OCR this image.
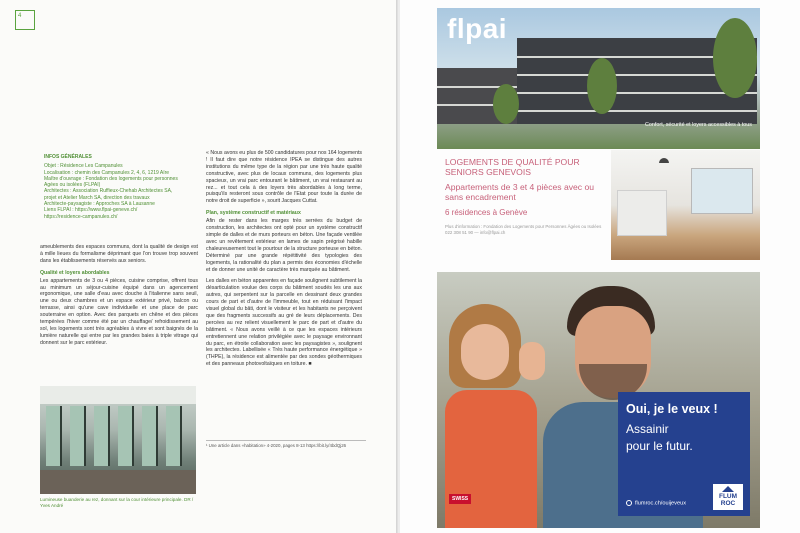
4
INFOS GÉNÉRALES
Objet : Résidence Les Campanules
Localisation : chemin des Campanules 2, 4, 6, 1219 Aïre
Maître d'ouvrage : Fondation des logements pour personnes
Âgées ou isolées (FLPAI)
Architectes : Association Ruffieux-Chehab Architectes SA,
projet et Atelier March SA, direction des travaux
Architecte-paysagiste : Approches SA à Lausanne
Liens FLPAI : https://www.flpai-geneve.ch/
https://residence-campanules.ch/
ameublements des espaces communs, dont la qualité de design est à mille lieues du formalisme déprimant que l'on trouve trop souvent dans les établissements réservés aux seniors.
Qualité et loyers abordables
Les appartements de 3 ou 4 pièces, cuisine comprise, offrent tous au minimum un séjour-cuisine équipé dans un agencement ergonomique, une salle d'eau avec douche à l'italienne sans seuil, une ou deux chambres et un espace extérieur privé, balcon ou terrasse, ainsi qu'une cave individuelle et une place de parc souterraine en option. Avec des parquets en chêne et des pièces tempérées l'hiver comme été par un chauffage/ refroidissement au sol, les logements sont très agréables à vivre et sont baignés de la lumière naturelle qui entre par les grandes baies à triple vitrage qui donnent sur le parc extérieur.
Lumineuse buanderie au rez, donnant sur la cour intérieure principale. DR / Yves André
« Nous avons eu plus de 500 candidatures pour nos 164 logements ! Il faut dire que notre résidence IPEA se distingue des autres institutions du même type de la région par une très haute qualité constructive, avec plus de locaux communs, des logements plus spacieux, un vrai parc entourant le bâtiment, un vrai restaurant au rez... et tout cela à des loyers très abordables à long terme, puisqu'ils resteront sous contrôle de l'Etat pour toute la durée de notre droit de superficie », sourit Jacques Cuttat.
Plan, système constructif et matériaux
Afin de rester dans les marges très serrées du budget de construction, les architectes ont opté pour un système constructif simple de dalles et de murs porteurs en béton. Une façade ventilée avec un revêtement extérieur en lames de sapin prégrisé habille chaleureusement tout le pourtour de la structure porteuse en béton. Déterminé par une grande répétitivité des typologies des logements, la rationalité du plan a permis des économies d'échelle et de donner une unité de caractère très marquée au bâtiment.
Les dalles en béton apparentes en façade soulignent subtilement la désarticulation voulue des corps du bâtiment soudés les uns aux autres, qui serpentent sur la parcelle en dessinant deux grandes cours de part et d'autre de l'immeuble, tout en réduisant l'impact visuel global du bâti, dont le visiteur et les habitants ne perçoivent que des fragments successifs au gré de leurs déplacements. Des percées au rez relient visuellement le parc de part et d'autre du bâtiment. « Nous avons veillé à ce que les espaces intérieurs entretiennent une relation privilégiée avec le paysage environnant du parc, en étroite collaboration avec les paysagistes », soulignent les architectes. Labellisée « Très haute performance énergétique » (THPE), la résidence est alimentée par des sondes géothermiques et des panneaux photovoltaïques en toiture. ■
¹ Une article dans «habitation» 4-2020, pages 8-13 https://bit.ly/4bdQj26
flpai
Confort, sécurité et loyers accessibles à tous
LOGEMENTS DE QUALITÉ POUR SENIORS GENEVOIS
Appartements de 3 et 4 pièces avec ou sans encadrement
6 résidences à Genève
Plus d'information : Fondation des Logements pour Personnes Âgées ou Isolées 022 308 51 90 — info@flpai.ch
SWISS
Oui, je le veux !
Assainir
pour le futur.
FLUM
ROC
flumroc.ch/ouijeveux
